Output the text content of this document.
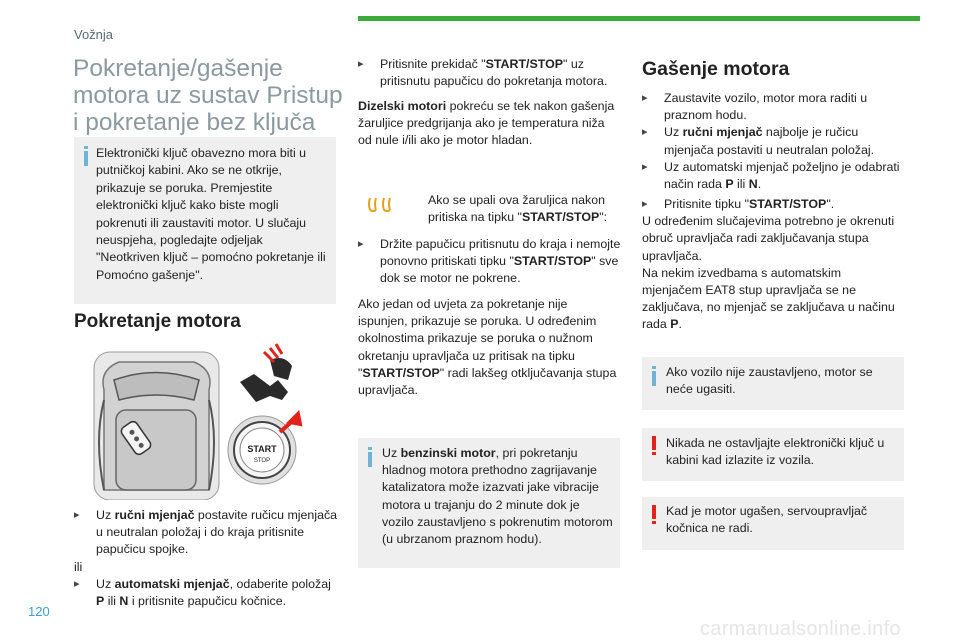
Vožnja
Pokretanje/gašenje motora uz sustav Pristup i pokretanje bez ključa
Elektronički ključ obavezno mora biti u putničkoj kabini. Ako se ne otkrije, prikazuje se poruka. Premjestite elektronički ključ kako biste mogli pokrenuti ili zaustaviti motor. U slučaju neuspjeha, pogledajte odjeljak "Neotkriven ključ – pomoćno pokretanje ili Pomoćno gašenje".
Pokretanje motora
START
STOP
▸ Uz ručni mjenjač postavite ručicu mjenjača u neutralan položaj i do kraja pritisnite papučicu spojke.
ili
▸ Uz automatski mjenjač, odaberite položaj P ili N i pritisnite papučicu kočnice.
▸ Pritisnite prekidač "START/STOP" uz pritisnutu papučicu do pokretanja motora.
Dizelski motori pokreću se tek nakon gašenja žaruljice predgrijanja ako je temperatura niža od nule i/ili ako je motor hladan.
Ako se upali ova žaruljica nakon pritiska na tipku "START/STOP":
▸ Držite papučicu pritisnutu do kraja i nemojte ponovno pritiskati tipku "START/STOP" sve dok se motor ne pokrene.
Ako jedan od uvjeta za pokretanje nije ispunjen, prikazuje se poruka. U određenim okolnostima prikazuje se poruka o nužnom okretanju upravljača uz pritisak na tipku "START/STOP" radi lakšeg otključavanja stupa upravljača.
Uz benzinski motor, pri pokretanju hladnog motora prethodno zagrijavanje katalizatora može izazvati jake vibracije motora u trajanju do 2 minute dok je vozilo zaustavljeno s pokrenutim motorom (u ubrzanom praznom hodu).
Gašenje motora
▸ Zaustavite vozilo, motor mora raditi u praznom hodu.
▸ Uz ručni mjenjač najbolje je ručicu mjenjača postaviti u neutralan položaj.
▸ Uz automatski mjenjač poželjno je odabrati način rada P ili N.
▸ Pritisnite tipku "START/STOP".
U određenim slučajevima potrebno je okrenuti obruč upravljača radi zaključavanja stupa upravljača.
Na nekim izvedbama s automatskim mjenjačem EAT8 stup upravljača se ne zaključava, no mjenjač se zaključava u načinu rada P.
Ako vozilo nije zaustavljeno, motor se neće ugasiti.
Nikada ne ostavljajte elektronički ključ u kabini kad izlazite iz vozila.
Kad je motor ugašen, servoupravljač kočnica ne radi.
120
carmanualsonline.info
